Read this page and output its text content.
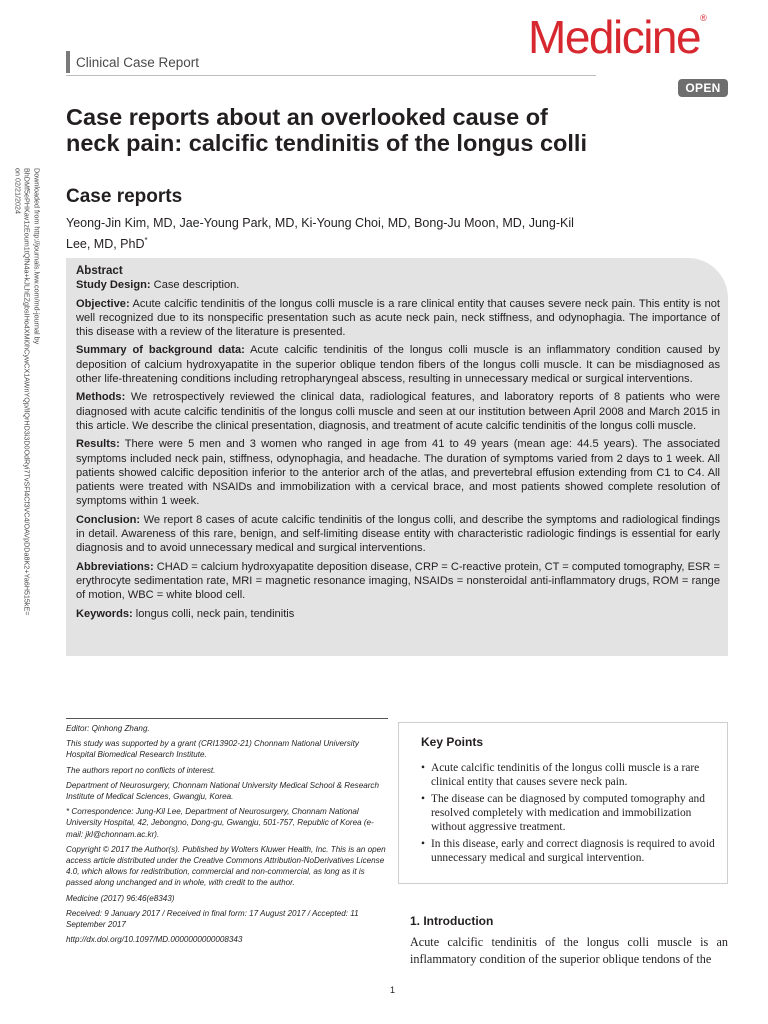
Clinical Case Report	Medicine®
OPEN
Downloaded from http://journals.lww.com/md-journal by BhDMf5ePHKav1zEoum1tQfN4a+kJLhEZgbsIHo4XMi0hCywCX1AWnYQp/IlQrHD3i3D0OdRyi7TvSFl4Cf3VC4/OAVpDDa8K2+Ya6H515kE= on 02/21/2024
Case reports about an overlooked cause of neck pain: calcific tendinitis of the longus colli
Case reports
Yeong-Jin Kim, MD, Jae-Young Park, MD, Ki-Young Choi, MD, Bong-Ju Moon, MD, Jung-Kil Lee, MD, PhD*
Abstract

Study Design: Case description.

Objective: Acute calcific tendinitis of the longus colli muscle is a rare clinical entity that causes severe neck pain. This entity is not well recognized due to its nonspecific presentation such as acute neck pain, neck stiffness, and odynophagia. The importance of this disease with a review of the literature is presented.

Summary of background data: Acute calcific tendinitis of the longus colli muscle is an inflammatory condition caused by deposition of calcium hydroxyapatite in the superior oblique tendon fibers of the longus colli muscle. It can be misdiagnosed as other life-threatening conditions including retropharyngeal abscess, resulting in unnecessary medical or surgical interventions.

Methods: We retrospectively reviewed the clinical data, radiological features, and laboratory reports of 8 patients who were diagnosed with acute calcific tendinitis of the longus colli muscle and seen at our institution between April 2008 and March 2015 in this article. We describe the clinical presentation, diagnosis, and treatment of acute calcific tendinitis of the longus colli muscle.

Results: There were 5 men and 3 women who ranged in age from 41 to 49 years (mean age: 44.5 years). The associated symptoms included neck pain, stiffness, odynophagia, and headache. The duration of symptoms varied from 2 days to 1 week. All patients showed calcific deposition inferior to the anterior arch of the atlas, and prevertebral effusion extending from C1 to C4. All patients were treated with NSAIDs and immobilization with a cervical brace, and most patients showed complete resolution of symptoms within 1 week.

Conclusion: We report 8 cases of acute calcific tendinitis of the longus colli, and describe the symptoms and radiological findings in detail. Awareness of this rare, benign, and self-limiting disease entity with characteristic radiologic findings is essential for early diagnosis and to avoid unnecessary medical and surgical interventions.

Abbreviations: CHAD = calcium hydroxyapatite deposition disease, CRP = C-reactive protein, CT = computed tomography, ESR = erythrocyte sedimentation rate, MRI = magnetic resonance imaging, NSAIDs = nonsteroidal anti-inflammatory drugs, ROM = range of motion, WBC = white blood cell.

Keywords: longus colli, neck pain, tendinitis

Editor: Qinhong Zhang.

This study was supported by a grant (CRI13902-21) Chonnam National University Hospital Biomedical Research Institute.

The authors report no conflicts of interest.

Department of Neurosurgery, Chonnam National University Medical School & Research Institute of Medical Sciences, Gwangju, Korea.

* Correspondence: Jung-Kil Lee, Department of Neurosurgery, Chonnam National University Hospital, 42, Jebongno, Dong-gu, Gwangju, 501-757, Republic of Korea (e-mail: jkl@chonnam.ac.kr).

Copyright © 2017 the Author(s). Published by Wolters Kluwer Health, Inc. This is an open access article distributed under the Creative Commons Attribution-NoDerivatives License 4.0, which allows for redistribution, commercial and non-commercial, as long as it is passed along unchanged and in whole, with credit to the author.

Medicine (2017) 96:46(e8343)

Received: 9 January 2017 / Received in final form: 17 August 2017 / Accepted: 11 September 2017

http://dx.doi.org/10.1097/MD.0000000000008343

Key Points
• Acute calcific tendinitis of the longus colli muscle is a rare clinical entity that causes severe neck pain.
• The disease can be diagnosed by computed tomography and resolved completely with medication and immobilization without aggressive treatment.
• In this disease, early and correct diagnosis is required to avoid unnecessary medical and surgical intervention.
1. Introduction
Acute calcific tendinitis of the longus colli muscle is an inflammatory condition of the superior oblique tendons of the
1
